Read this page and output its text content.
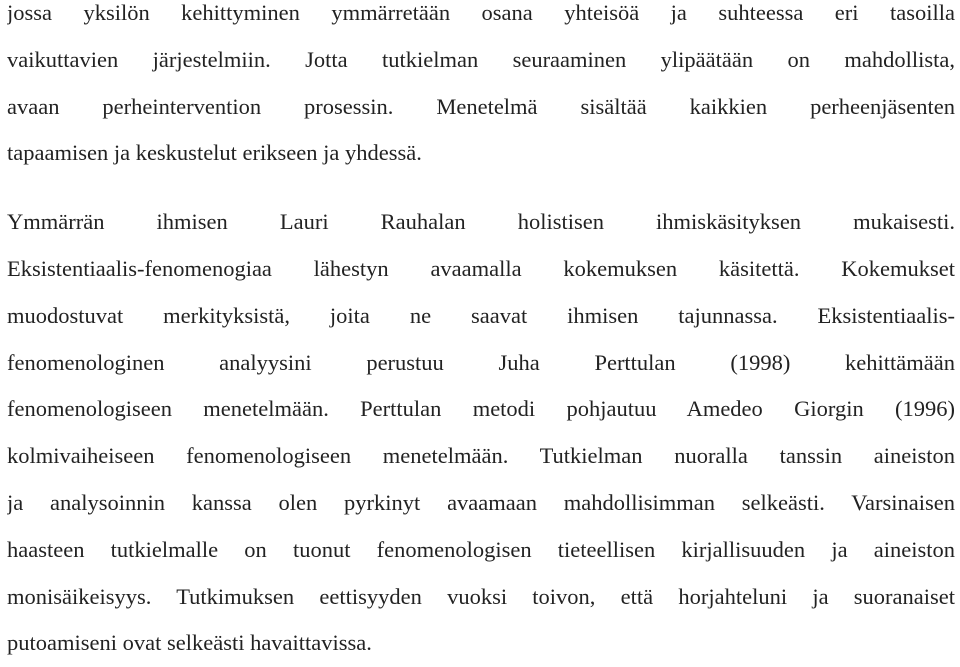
jossa yksilön kehittyminen ymmärretään osana yhteisöä ja suhteessa eri tasoilla
vaikuttavien järjestelmiin. Jotta tutkielman seuraaminen ylipäätään on mahdollista,
avaan perheintervention prosessin. Menetelmä sisältää kaikkien perheenjäsenten
tapaamisen ja keskustelut erikseen ja yhdessä.
Ymmärrän ihmisen Lauri Rauhalan holistisen ihmiskäsityksen mukaisesti.
Eksistentiaalis-fenomenogiaa lähestyn avaamalla kokemuksen käsitettä. Kokemukset
muodostuvat merkityksistä, joita ne saavat ihmisen tajunnassa. Eksistentiaalis-
fenomenologinen analyysini perustuu Juha Perttulan (1998) kehittämään
fenomenologiseen menetelmään. Perttulan metodi pohjautuu Amedeo Giorgin (1996)
kolmivaiheiseen fenomenologiseen menetelmään. Tutkielman nuoralla tanssin aineiston
ja analysoinnin kanssa olen pyrkinyt avaamaan mahdollisimman selkeästi. Varsinaisen
haasteen tutkielmalle on tuonut fenomenologisen tieteellisen kirjallisuuden ja aineiston
monisäikeisyys. Tutkimuksen eettisyyden vuoksi toivon, että horjahteluni ja suoranaiset
putoamiseni ovat selkeästi havaittavissa.
